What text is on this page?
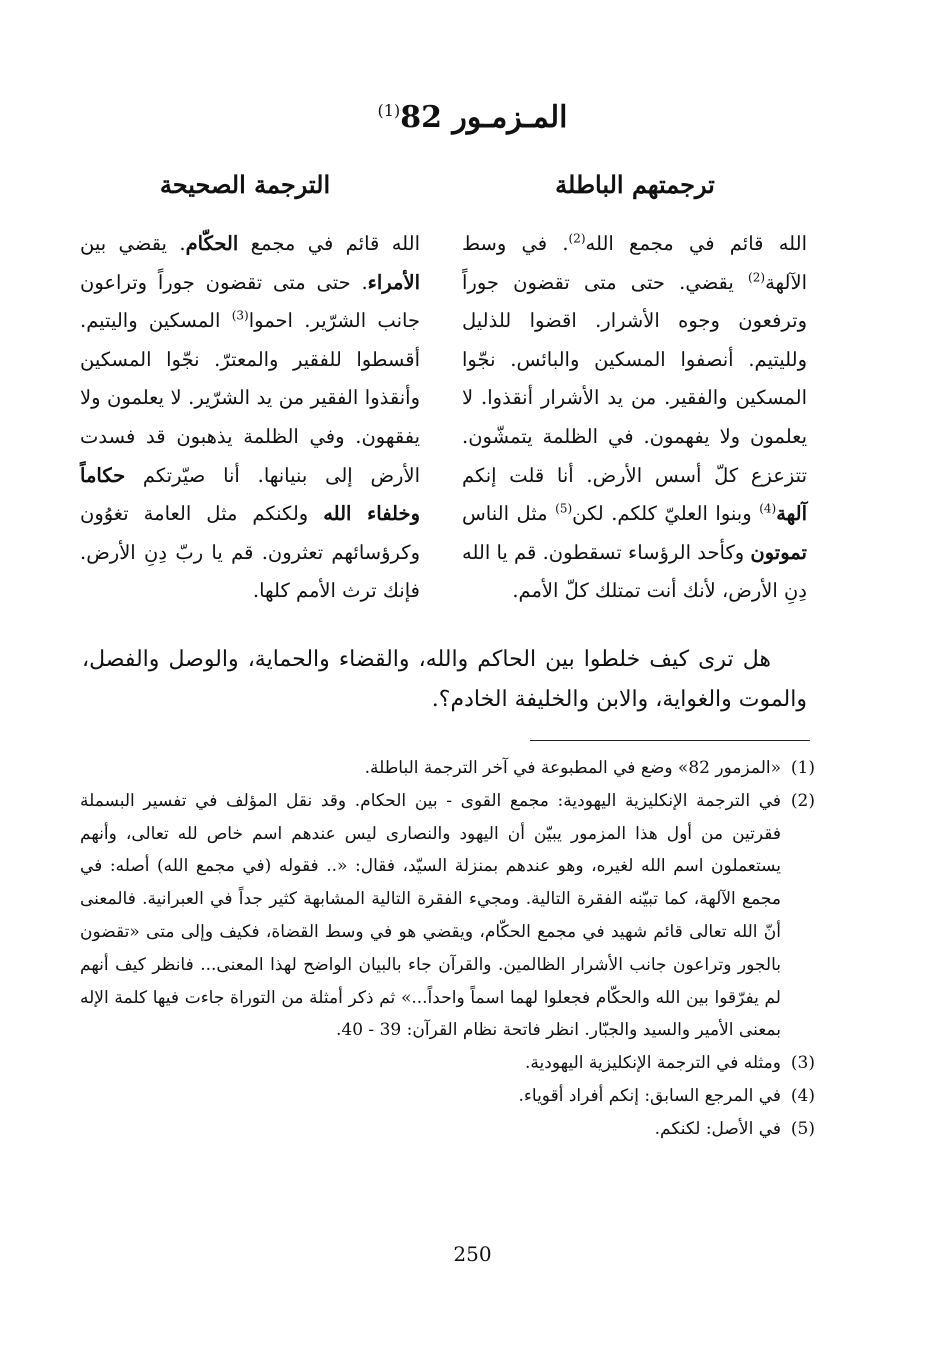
المـزمـور 82$^{(1)}$
ترجمتهم الباطلة
الترجمة الصحيحة
الله قائم في مجمع الله$^{(2)}$. في وسط الآلهة$^{(2)}$ يقضي. حتى متى تقضون جوراً وترفعون وجوه الأشرار. اقضوا للذليل ولليتيم. أنصفوا المسكين والبائس. نجّوا المسكين والفقير. من يد الأشرار أنقذوا. لا يعلمون ولا يفهمون. في الظلمة يتمشّون. تتزعزع كلّ أسس الأرض. أنا قلت إنكم آلهة$^{(4)}$ وبنوا العليّ كلكم. لكن$^{(5)}$ مثل الناس تموتون وكأحد الرؤساء تسقطون. قم يا الله دِنِ الأرض، لأنك أنت تمتلك كلّ الأمم.
الله قائم في مجمع الحكّام. يقضي بين الأمراء. حتى متى تقضون جوراً وتراعون جانب الشرّير. احموا$^{(3)}$ المسكين واليتيم. أقسطوا للفقير والمعترّ. نجّوا المسكين وأنقذوا الفقير من يد الشرّير. لا يعلمون ولا يفقهون. وفي الظلمة يذهبون قد فسدت الأرض إلى بنيانها. أنا صيّرتكم حكاماً وخلفاء الله ولكنكم مثل العامة تغوُون وكرؤسائهم تعثرون. قم يا ربّ دِنِ الأرض. فإنك ترث الأمم كلها.
هل ترى كيف خلطوا بين الحاكم والله، والقضاء والحماية، والوصل والفصل، والموت والغواية، والابن والخليفة الخادم؟.
(1)
«المزمور 82» وضع في المطبوعة في آخر الترجمة الباطلة.
(2)
في الترجمة الإنكليزية اليهودية: مجمع القوى - بين الحكام. وقد نقل المؤلف في تفسير البسملة فقرتين من أول هذا المزمور يبيّن أن اليهود والنصارى ليس عندهم اسم خاص لله تعالى، وأنهم يستعملون اسم الله لغيره، وهو عندهم بمنزلة السيّد، فقال: «.. فقوله (في مجمع الله) أصله: في مجمع الآلهة، كما تبيّنه الفقرة التالية. ومجيء الفقرة التالية المشابهة كثير جداً في العبرانية. فالمعنى أنّ الله تعالى قائم شهيد في مجمع الحكّام، ويقضي هو في وسط القضاة، فكيف وإلى متى «تقضون بالجور وتراعون جانب الأشرار الظالمين. والقرآن جاء بالبيان الواضح لهذا المعنى... فانظر كيف أنهم لم يفرّقوا بين الله والحكّام فجعلوا لهما اسماً واحداً...» ثم ذكر أمثلة من التوراة جاءت فيها كلمة الإله بمعنى الأمير والسيد والجبّار. انظر فاتحة نظام القرآن: 39 - 40.
(3)
ومثله في الترجمة الإنكليزية اليهودية.
(4)
في المرجع السابق: إنكم أفراد أقوياء.
(5)
في الأصل: لكنكم.
250
